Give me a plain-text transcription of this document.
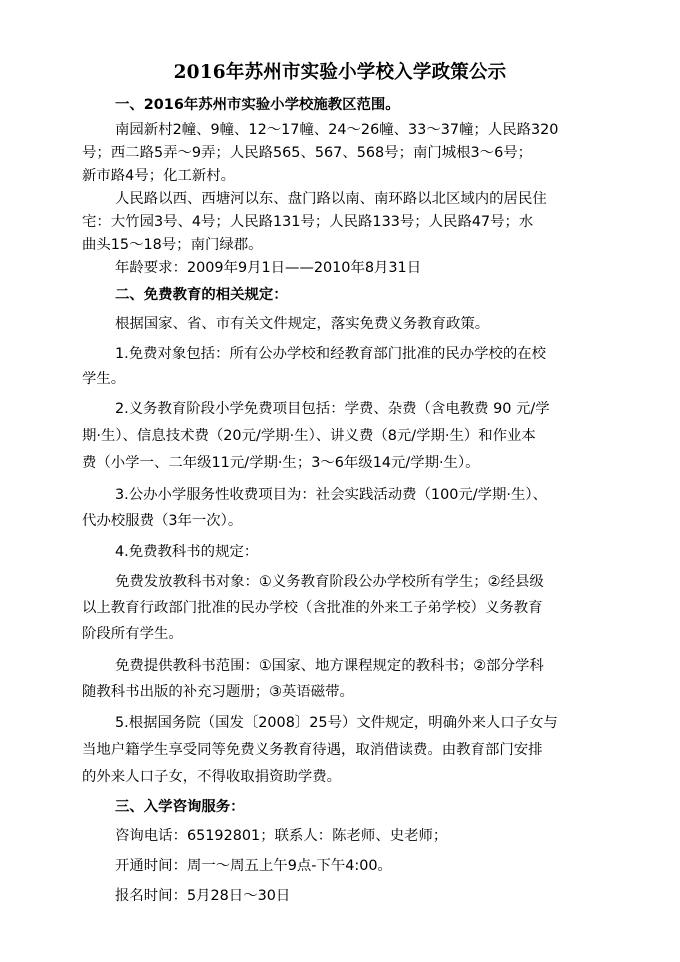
2016年苏州市实验小学校入学政策公示
一、2016年苏州市实验小学校施教区范围。
南园新村2幢、9幢、12～17幢、24～26幢、33～37幢；人民路320
号；西二路5弄～9弄；人民路565、567、568号；南门城根3～6号；
新市路4号；化工新村。
人民路以西、西塘河以东、盘门路以南、南环路以北区域内的居民住
宅：大竹园3号、4号；人民路131号；人民路133号；人民路47号；水
曲头15～18号；南门绿郡。
年龄要求：2009年9月1日——2010年8月31日
二、免费教育的相关规定：
根据国家、省、市有关文件规定，落实免费义务教育政策。
1.免费对象包括：所有公办学校和经教育部门批准的民办学校的在校
学生。
2.义务教育阶段小学免费项目包括：学费、杂费（含电教费 90 元/学
期·生）、信息技术费（20元/学期·生）、讲义费（8元/学期·生）和作业本
费（小学一、二年级11元/学期·生；3～6年级14元/学期·生）。
3.公办小学服务性收费项目为：社会实践活动费（100元/学期·生）、
代办校服费（3年一次）。
4.免费教科书的规定：
免费发放教科书对象：①义务教育阶段公办学校所有学生；②经县级
以上教育行政部门批准的民办学校（含批准的外来工子弟学校）义务教育
阶段所有学生。
免费提供教科书范围：①国家、地方课程规定的教科书；②部分学科
随教科书出版的补充习题册；③英语磁带。
5.根据国务院（国发〔2008〕25号）文件规定，明确外来人口子女与
当地户籍学生享受同等免费义务教育待遇，取消借读费。由教育部门安排
的外来人口子女，不得收取捐资助学费。
三、入学咨询服务：
咨询电话：65192801；联系人：陈老师、史老师；
开通时间：周一～周五上午9点-下午4:00。
报名时间：5月28日～30日
